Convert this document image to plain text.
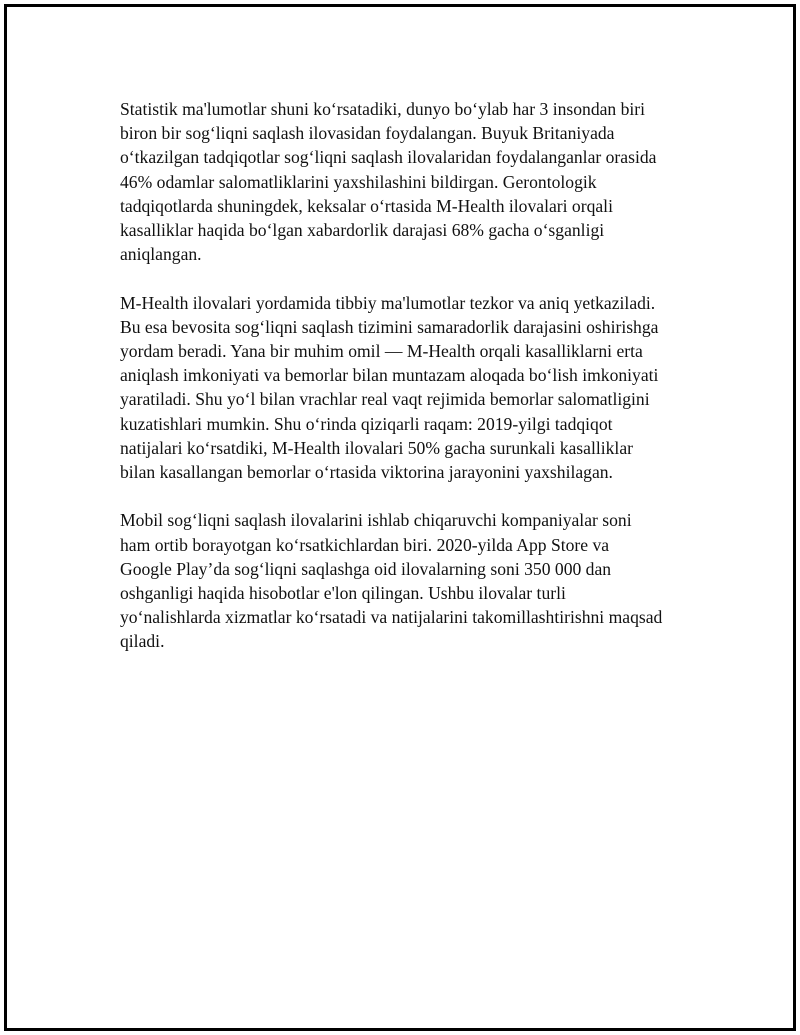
Statistik ma'lumotlar shuni ko‘rsatadiki, dunyo bo‘ylab har 3 insondan biri
biron bir sog‘liqni saqlash ilovasidan foydalangan. Buyuk Britaniyada
o‘tkazilgan tadqiqotlar sog‘liqni saqlash ilovalaridan foydalanganlar orasida
46% odamlar salomatliklarini yaxshilashini bildirgan. Gerontologik
tadqiqotlarda shuningdek, keksalar o‘rtasida M-Health ilovalari orqali
kasalliklar haqida bo‘lgan xabardorlik darajasi 68% gacha o‘sganligi
aniqlangan.

M-Health ilovalari yordamida tibbiy ma'lumotlar tezkor va aniq yetkaziladi.
Bu esa bevosita sog‘liqni saqlash tizimini samaradorlik darajasini oshirishga
yordam beradi. Yana bir muhim omil — M-Health orqali kasalliklarni erta
aniqlash imkoniyati va bemorlar bilan muntazam aloqada bo‘lish imkoniyati
yaratiladi. Shu yo‘l bilan vrachlar real vaqt rejimida bemorlar salomatligini
kuzatishlari mumkin. Shu o‘rinda qiziqarli raqam: 2019-yilgi tadqiqot
natijalari ko‘rsatdiki, M-Health ilovalari 50% gacha surunkali kasalliklar
bilan kasallangan bemorlar o‘rtasida viktorina jarayonini yaxshilagan.

Mobil sog‘liqni saqlash ilovalarini ishlab chiqaruvchi kompaniyalar soni
ham ortib borayotgan ko‘rsatkichlardan biri. 2020-yilda App Store va
Google Play’da sog‘liqni saqlashga oid ilovalarning soni 350 000 dan
oshganligi haqida hisobotlar e'lon qilingan. Ushbu ilovalar turli
yo‘nalishlarda xizmatlar ko‘rsatadi va natijalarini takomillashtirishni maqsad
qiladi.
